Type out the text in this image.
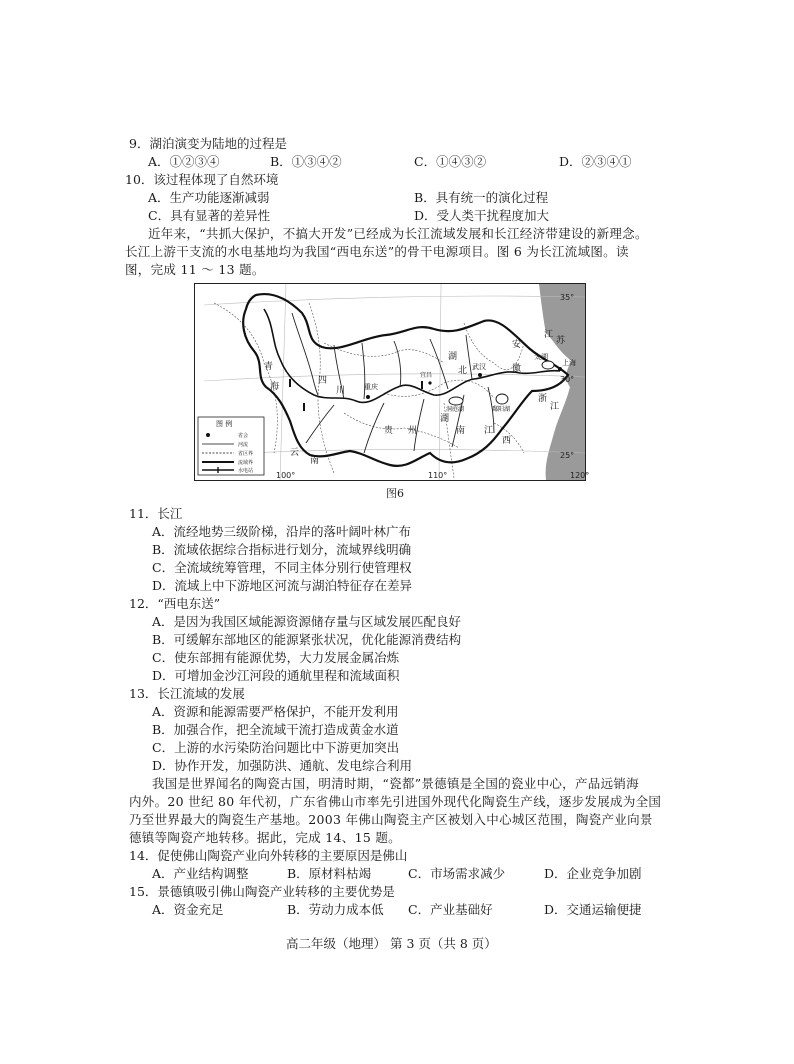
9．湖泊演变为陆地的过程是
A．①②③④	B．①③④②	C．①④③②	D．②③④①
10．该过程体现了自然环境
A．生产功能逐渐减弱	B．具有统一的演化过程
C．具有显著的差异性	D．受人类干扰程度加大
近年来，“共抓大保护，不搞大开发”已经成为长江流域发展和长江经济带建设的新理念。
长江上游干支流的水电基地均为我国“西电东送”的骨干电源项目。图 6 为长江流域图。读
图，完成 11 ～ 13 题。
35°
30°
25°
100°	110°	120°
江
苏
安
徽
湖
北 武汉
四
川	重庆
贵 州
湖
南 江
西
浙
江
上海
太湖
青
海
云
南
鄱阳湖
洞庭湖
宜昌
图 例
省会
河流
省区界
流域界
水电站
图6
11．长江
A．流经地势三级阶梯，沿岸的落叶阔叶林广布
B．流域依据综合指标进行划分，流域界线明确
C．全流域统筹管理，不同主体分别行使管理权
D．流域上中下游地区河流与湖泊特征存在差异
12．“西电东送”
A．是因为我国区域能源资源储存量与区域发展匹配良好
B．可缓解东部地区的能源紧张状况，优化能源消费结构
C．使东部拥有能源优势，大力发展金属冶炼
D．可增加金沙江河段的通航里程和流域面积
13．长江流域的发展
A．资源和能源需要严格保护，不能开发利用
B．加强合作，把全流域干流打造成黄金水道
C．上游的水污染防治问题比中下游更加突出
D．协作开发，加强防洪、通航、发电综合利用
我国是世界闻名的陶瓷古国，明清时期，“瓷都”景德镇是全国的瓷业中心，产品远销海
内外。20 世纪 80 年代初，广东省佛山市率先引进国外现代化陶瓷生产线，逐步发展成为全国
乃至世界最大的陶瓷生产基地。2003 年佛山陶瓷主产区被划入中心城区范围，陶瓷产业向景
德镇等陶瓷产地转移。据此，完成 14、15 题。
14．促使佛山陶瓷产业向外转移的主要原因是佛山
A．产业结构调整	B．原材料枯竭	C．市场需求减少	D．企业竞争加剧
15．景德镇吸引佛山陶瓷产业转移的主要优势是
A．资金充足	B．劳动力成本低 C．产业基础好	D．交通运输便捷
高二年级（地理） 第 3 页（共 8 页）
